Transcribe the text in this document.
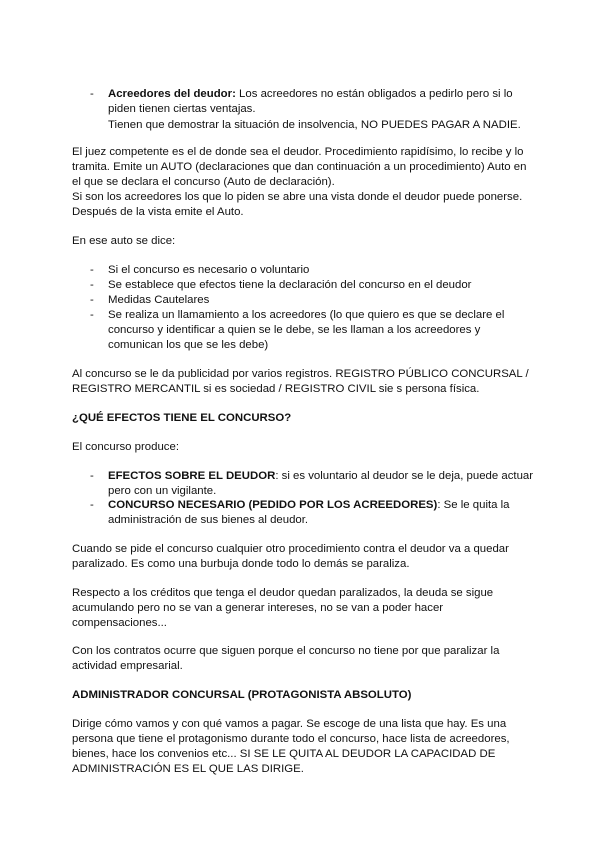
- Acreedores del deudor: Los acreedores no están obligados a pedirlo pero si lo
piden tienen ciertas ventajas.
Tienen que demostrar la situación de insolvencia, NO PUEDES PAGAR A NADIE.
El juez competente es el de donde sea el deudor. Procedimiento rapidísimo, lo recibe y lo
tramita. Emite un AUTO (declaraciones que dan continuación a un procedimiento) Auto en
el que se declara el concurso (Auto de declaración).
Si son los acreedores los que lo piden se abre una vista donde el deudor puede ponerse.
Después de la vista emite el Auto.
En ese auto se dice:
- Si el concurso es necesario o voluntario
- Se establece que efectos tiene la declaración del concurso en el deudor
- Medidas Cautelares
- Se realiza un llamamiento a los acreedores (lo que quiero es que se declare el
concurso y identificar a quien se le debe, se les llaman a los acreedores y
comunican los que se les debe)
Al concurso se le da publicidad por varios registros. REGISTRO PÚBLICO CONCURSAL /
REGISTRO MERCANTIL si es sociedad / REGISTRO CIVIL sie s persona física.
¿QUÉ EFECTOS TIENE EL CONCURSO?
El concurso produce:
- EFECTOS SOBRE EL DEUDOR: si es voluntario al deudor se le deja, puede actuar
pero con un vigilante.
- CONCURSO NECESARIO (PEDIDO POR LOS ACREEDORES): Se le quita la
administración de sus bienes al deudor.
Cuando se pide el concurso cualquier otro procedimiento contra el deudor va a quedar
paralizado. Es como una burbuja donde todo lo demás se paraliza.
Respecto a los créditos que tenga el deudor quedan paralizados, la deuda se sigue
acumulando pero no se van a generar intereses, no se van a poder hacer
compensaciones...
Con los contratos ocurre que siguen porque el concurso no tiene por que paralizar la
actividad empresarial.
ADMINISTRADOR CONCURSAL (PROTAGONISTA ABSOLUTO)
Dirige cómo vamos y con qué vamos a pagar. Se escoge de una lista que hay. Es una
persona que tiene el protagonismo durante todo el concurso, hace lista de acreedores,
bienes, hace los convenios etc... SI SE LE QUITA AL DEUDOR LA CAPACIDAD DE
ADMINISTRACIÓN ES EL QUE LAS DIRIGE.
